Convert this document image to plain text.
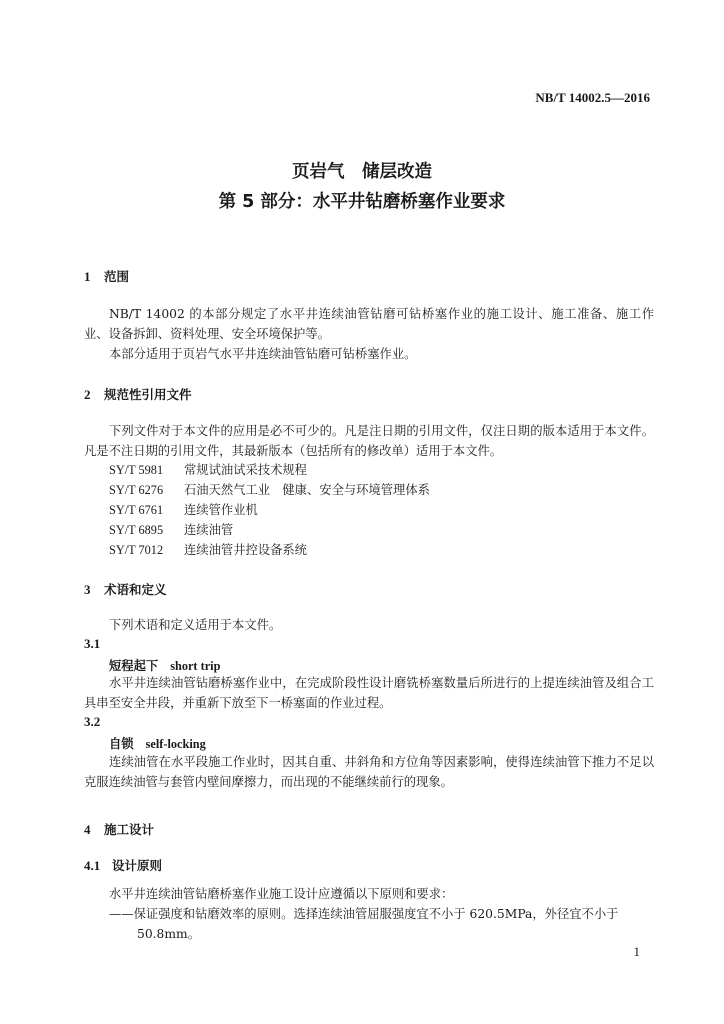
NB/T 14002.5—2016
页岩气　储层改造
第 5 部分：水平井钻磨桥塞作业要求
1 范围
NB/T 14002 的本部分规定了水平井连续油管钻磨可钻桥塞作业的施工设计、施工准备、施工作业、设备拆卸、资料处理、安全环境保护等。
本部分适用于页岩气水平井连续油管钻磨可钻桥塞作业。
2 规范性引用文件
下列文件对于本文件的应用是必不可少的。凡是注日期的引用文件，仅注日期的版本适用于本文件。凡是不注日期的引用文件，其最新版本（包括所有的修改单）适用于本文件。
SY/T 5981 常规试油试采技术规程
SY/T 6276 石油天然气工业　健康、安全与环境管理体系
SY/T 6761 连续管作业机
SY/T 6895 连续油管
SY/T 7012 连续油管井控设备系统
3 术语和定义
下列术语和定义适用于本文件。
3.1
短程起下 short trip
水平井连续油管钻磨桥塞作业中，在完成阶段性设计磨铣桥塞数量后所进行的上提连续油管及组合工具串至安全井段，并重新下放至下一桥塞面的作业过程。
3.2
自锁 self-locking
连续油管在水平段施工作业时，因其自重、井斜角和方位角等因素影响，使得连续油管下推力不足以克服连续油管与套管内壁间摩擦力，而出现的不能继续前行的现象。
4 施工设计
4.1 设计原则
水平井连续油管钻磨桥塞作业施工设计应遵循以下原则和要求：
——保证强度和钻磨效率的原则。选择连续油管屈服强度宜不小于 620.5MPa，外径宜不小于
50.8mm。
1
